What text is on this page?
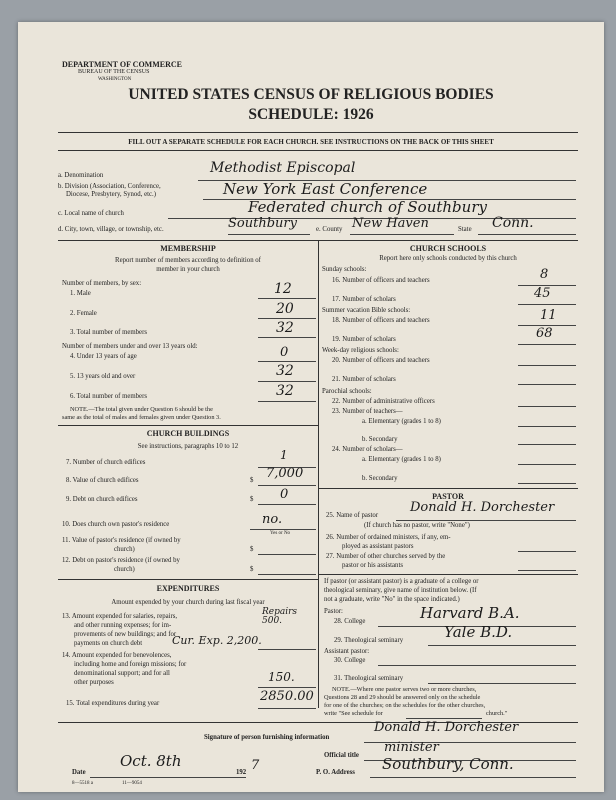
DEPARTMENT OF COMMERCE
BUREAU OF THE CENSUS
WASHINGTON
UNITED STATES CENSUS OF RELIGIOUS BODIES
SCHEDULE: 1926
FILL OUT A SEPARATE SCHEDULE FOR EACH CHURCH. SEE INSTRUCTIONS ON THE BACK OF THIS SHEET
a. Denomination	Methodist Episcopal
b. Division (Association, Conference,
Diocese, Presbytery, Synod, etc.)	New York East Conference
c. Local name of church	Federated church of Southbury
d. City, town, village, or township, etc.	Southbury	e. County New Haven	State Conn.
MEMBERSHIP
Report number of members according to definition of
member in your church
Number of members, by sex:
1. Male	12
2. Female	20
3. Total number of members	32
Number of members under and over 13 years old:
4. Under 13 years of age	0
5. 13 years old and over	32
6. Total number of members	32
NOTE.—The total given under Question 6 should be the
same as the total of males and females given under Question 3.
CHURCH BUILDINGS
See instructions, paragraphs 10 to 12
7. Number of church edifices
1
8. Value of church edifices	$ 7,000
9. Debt on church edifices	$ 0
10. Does church own pastor's residence	no.
Yes or No
11. Value of pastor's residence (if owned by
church)	$
12. Debt on pastor's residence (if owned by
church)	$
EXPENDITURES
Amount expended by your church during last fiscal year
13. Amount expended for salaries, repairs,
and other running expenses; for im-
provements of new buildings; and for
payments on church debt
Repairs 500.
Cur. Exp. 2,200.
14. Amount expended for benevolences,
including home and foreign missions; for
denominational support; and for all
other purposes	150.
15. Total expenditures during year	2850.00
CHURCH SCHOOLS
Report here only schools conducted by this church
Sunday schools:
16. Number of officers and teachers	8
17. Number of scholars	45
Summer vacation Bible schools:
18. Number of officers and teachers	11
19. Number of scholars	68
Week-day religious schools:
20. Number of officers and teachers
21. Number of scholars
Parochial schools:
22. Number of administrative officers
23. Number of teachers—
a. Elementary (grades 1 to 8)
b. Secondary
24. Number of scholars—
a. Elementary (grades 1 to 8)
b. Secondary
PASTOR
25. Name of pastor
Donald H. Dorchester
(If church has no pastor, write "None")
26. Number of ordained ministers, if any, em-
ployed as assistant pastors
27. Number of other churches served by the
pastor or his assistants
If pastor (or assistant pastor) is a graduate of a college or
theological seminary, give name of institution below. (If
not a graduate, write "No" in the space indicated.)
Pastor:
28. College	Harvard B.A.
29. Theological seminary	Yale B.D.
Assistant pastor:
30. College
31. Theological seminary
NOTE.—Where one pastor serves two or more churches,
Questions 28 and 29 should be answered only on the schedule
for one of the churches; on the schedules for the other churches,
write "See schedule for	church."
Signature of person furnishing information
Donald H. Dorchester
Official title
minister
Date
Oct. 8th
192 7	P. O. Address Southbury, Conn.
8—5518 a	11—9054
